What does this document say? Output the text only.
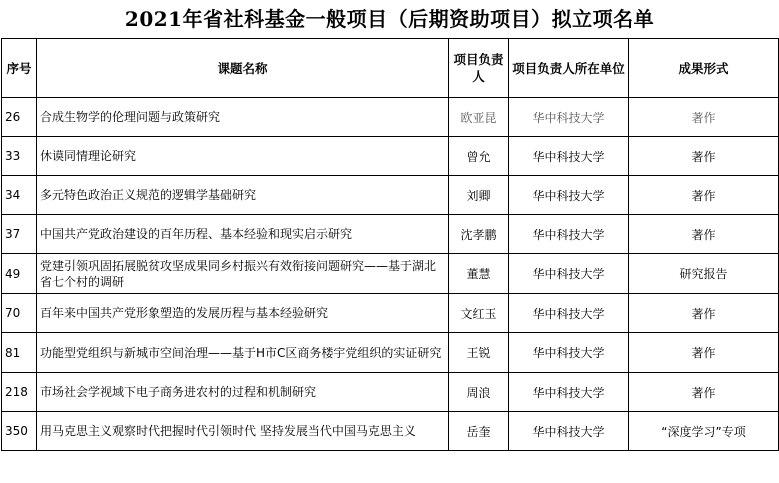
2021年省社科基金一般项目（后期资助项目）拟立项名单
序号	课题名称	项目负责人	项目负责人所在单位	成果形式
26	合成生物学的伦理问题与政策研究	欧亚昆	华中科技大学	著作
33	休谟同情理论研究	曾允	华中科技大学	著作
34	多元特色政治正义规范的逻辑学基础研究	刘卿	华中科技大学	著作
37	中国共产党政治建设的百年历程、基本经验和现实启示研究	沈孝鹏	华中科技大学	著作
49	党建引领巩固拓展脱贫攻坚成果同乡村振兴有效衔接问题研究——基于湖北省七个村的调研	董慧	华中科技大学	研究报告
70	百年来中国共产党形象塑造的发展历程与基本经验研究	文红玉	华中科技大学	著作
81	功能型党组织与新城市空间治理——基于H市C区商务楼宇党组织的实证研究	王锐	华中科技大学	著作
218	市场社会学视域下电子商务进农村的过程和机制研究	周浪	华中科技大学	著作
350	用马克思主义观察时代把握时代引领时代 坚持发展当代中国马克思主义	岳奎	华中科技大学	“深度学习”专项
